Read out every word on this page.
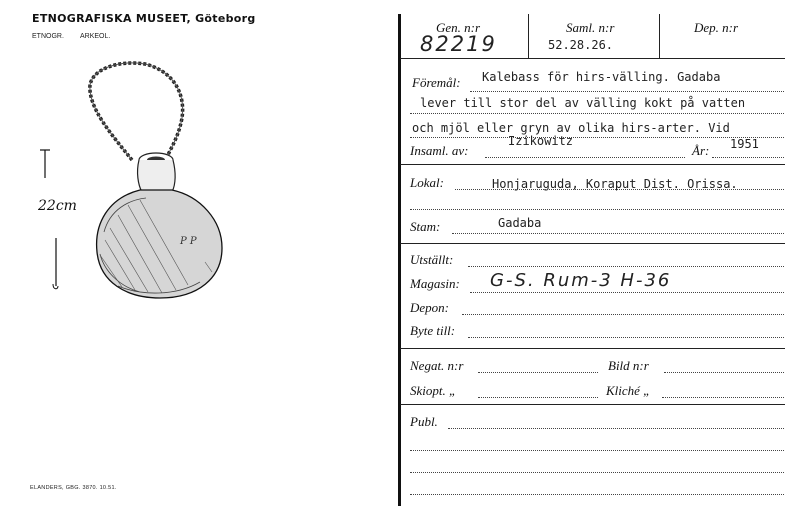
ETNOGRAFISKA MUSEET, Göteborg
ETNOGR. ARKEOL.
P P
22cm
ELANDERS, GBG. 3870. 10.51.
Gen. n:r
82219
Saml. n:r
52.28.26.
Dep. n:r
Föremål: Kalebass för hirs-välling. Gadaba
lever till stor del av välling kokt på vatten
och mjöl eller gryn av olika hirs-arter. Vid
Insaml. av:
Izikowitz
År: 1951
Lokal:	Honjaruguda, Koraput Dist. Orissa.
Stam:	Gadaba
Utställt:
Magasin: G-S. Rum-3 H-36
Depon:
Byte till:
Negat. n:r	Bild n:r
Skiopt. „	Kliché „
Publ.
